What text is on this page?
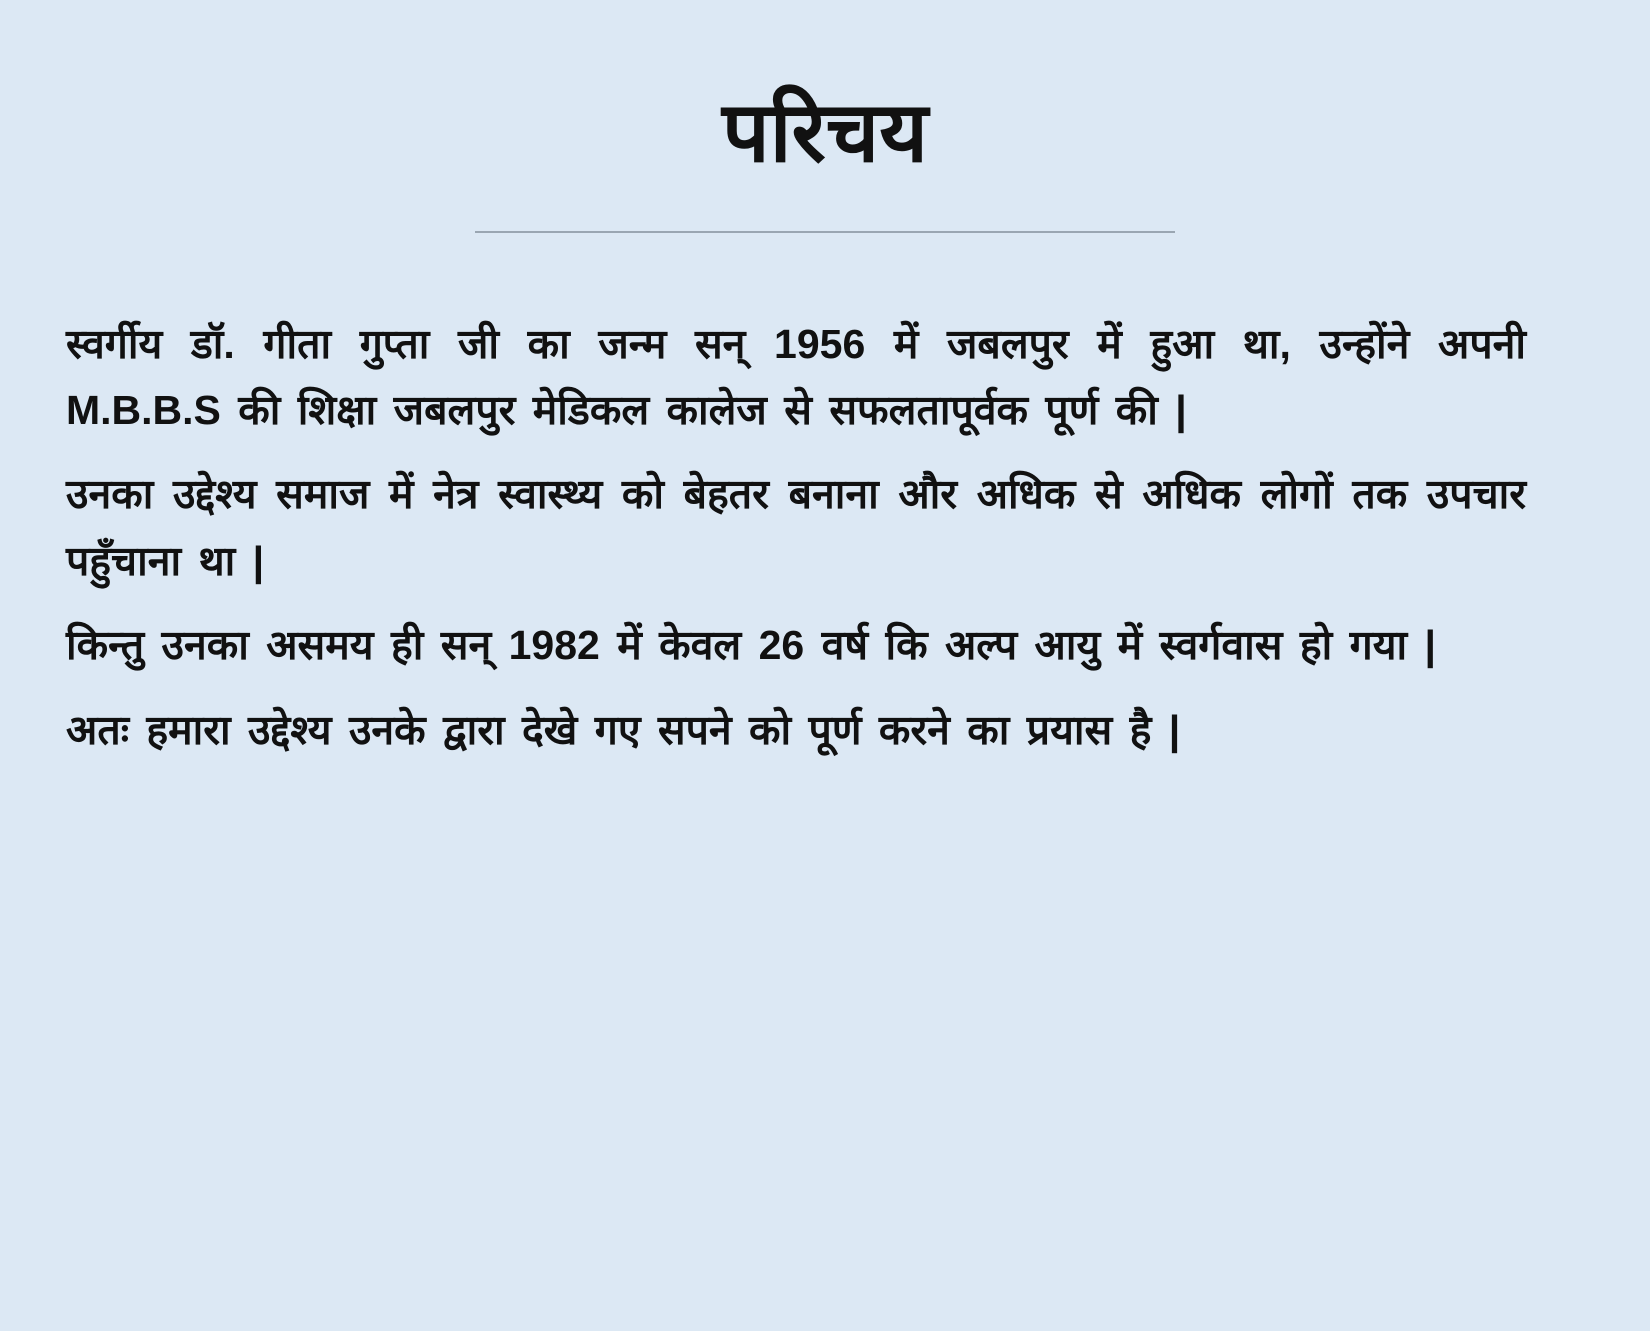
परिचय

स्वर्गीय डॉ. गीता गुप्ता जी का जन्म सन् 1956 में जबलपुर में हुआ था, उन्होंने अपनी M.B.B.S की शिक्षा जबलपुर मेडिकल कालेज से सफलतापूर्वक पूर्ण की |

उनका उद्देश्य समाज में नेत्र स्वास्थ्य को बेहतर बनाना और अधिक से अधिक लोगों तक उपचार पहुँचाना था |

किन्तु उनका असमय ही सन् 1982 में केवल 26 वर्ष कि अल्प आयु में स्वर्गवास हो गया |

अतः हमारा उद्देश्य उनके द्वारा देखे गए सपने को पूर्ण करने का प्रयास है |
